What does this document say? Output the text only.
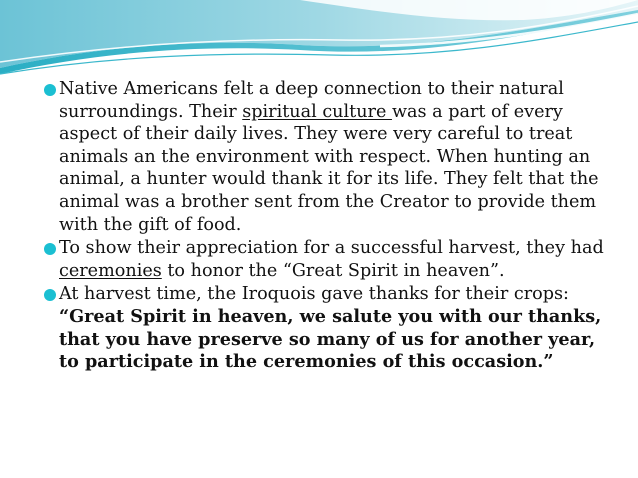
Native Americans felt a deep connection to their natural surroundings. Their spiritual culture was a part of every aspect of their daily lives. They were very careful to treat animals an the environment with respect. When hunting an animal, a hunter would thank it for its life. They felt that the animal was a brother sent from the Creator to provide them with the gift of food.
To show their appreciation for a successful harvest, they had ceremonies to honor the “Great Spirit in heaven”.
At harvest time, the Iroquois gave thanks for their crops: “Great Spirit in heaven, we salute you with our thanks, that you have preserve so many of us for another year, to participate in the ceremonies of this occasion.”
